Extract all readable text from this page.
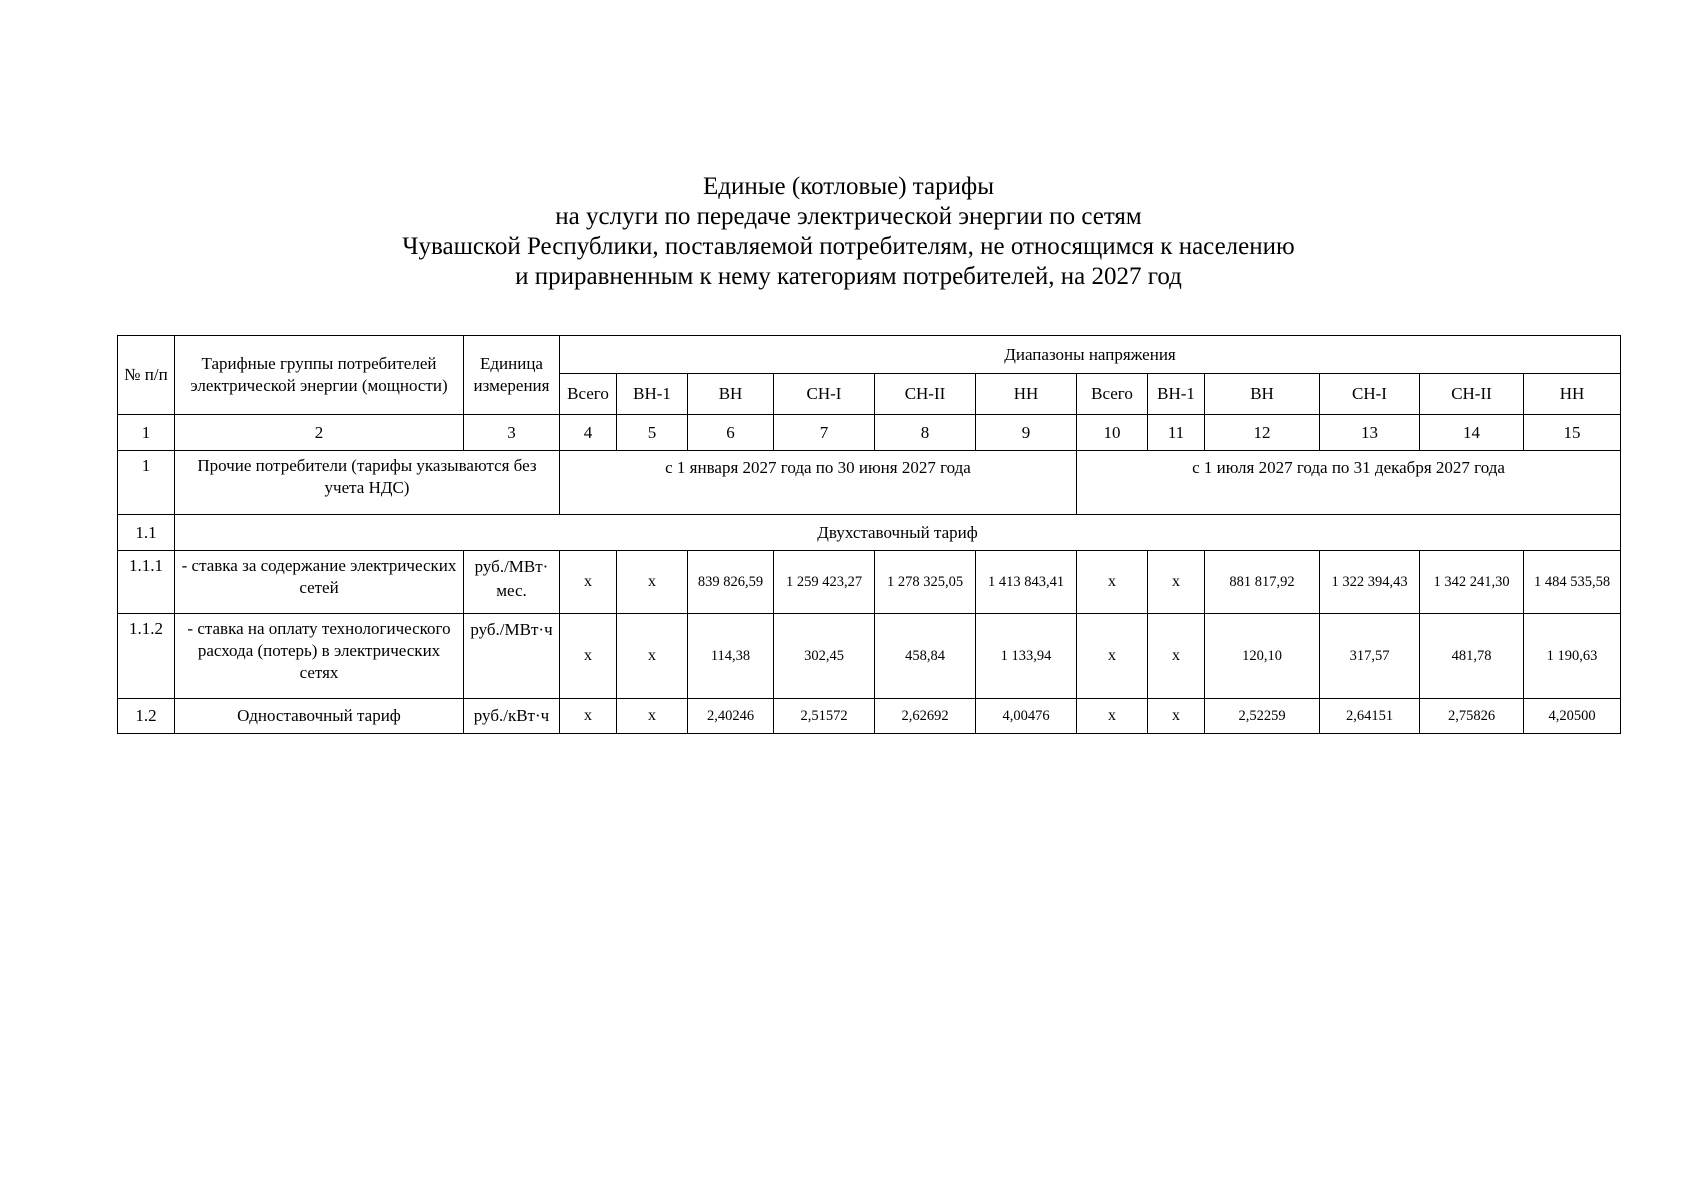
Единые (котловые) тарифы
на услуги по передаче электрической энергии по сетям
Чувашской Республики, поставляемой потребителям, не относящимся к населению
и приравненным к нему категориям потребителей, на 2027 год
№ п/п	Тарифные группы потребителей электрической энергии (мощности)	Единица измерения	Диапазоны напряжения											
			Всего	ВН-1	ВН	СН-I	СН-II	НН	Всего	ВН-1	ВН	СН-I	СН-II	НН
1	2	3	4	5	6	7	8	9	10	11	12	13	14	15
1	Прочие потребители (тарифы указываются без учета НДС)		с 1 января 2027 года по 30 июня 2027 года						с 1 июля 2027 года по 31 декабря 2027 года					
1.1	Двухставочный тариф													
1.1.1	- ставка за содержание электрических сетей	руб./МВт· мес.	х	х	839 826,59	1 259 423,27	1 278 325,05	1 413 843,41	х	х	881 817,92	1 322 394,43	1 342 241,30	1 484 535,58
1.1.2	- ставка на оплату технологического расхода (потерь) в электрических сетях	руб./МВт·ч	х	х	114,38	302,45	458,84	1 133,94	х	х	120,10	317,57	481,78	1 190,63
1.2	Одноставочный тариф	руб./кВт·ч	х	х	2,40246	2,51572	2,62692	4,00476	х	х	2,52259	2,64151	2,75826	4,20500
